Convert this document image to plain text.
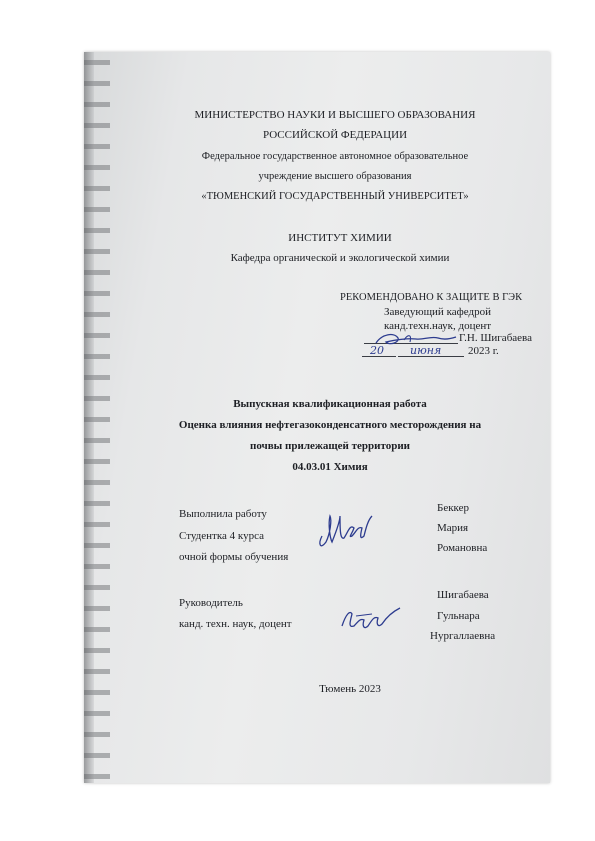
МИНИСТЕРСТВО НАУКИ И ВЫСШЕГО ОБРАЗОВАНИЯ
РОССИЙСКОЙ ФЕДЕРАЦИИ
Федеральное государственное автономное образовательное
учреждение высшего образования
«ТЮМЕНСКИЙ ГОСУДАРСТВЕННЫЙ УНИВЕРСИТЕТ»
ИНСТИТУТ ХИМИИ
Кафедра органической и экологической химии
РЕКОМЕНДОВАНО К ЗАЩИТЕ В ГЭК
Заведующий кафедрой
канд.техн.наук, доцент
Г.Н. Шигабаева
20 июня 2023 г.
Выпускная квалификационная работа
Оценка влияния нефтегазоконденсатного месторождения на
почвы прилежащей территории
04.03.01 Химия
Выполнила работу
Студентка 4 курса
очной формы обучения
Беккер
Мария
Романовна
Руководитель
канд. техн. наук, доцент
Шигабаева
Гульнара
Нургаллаевна
Тюмень 2023
